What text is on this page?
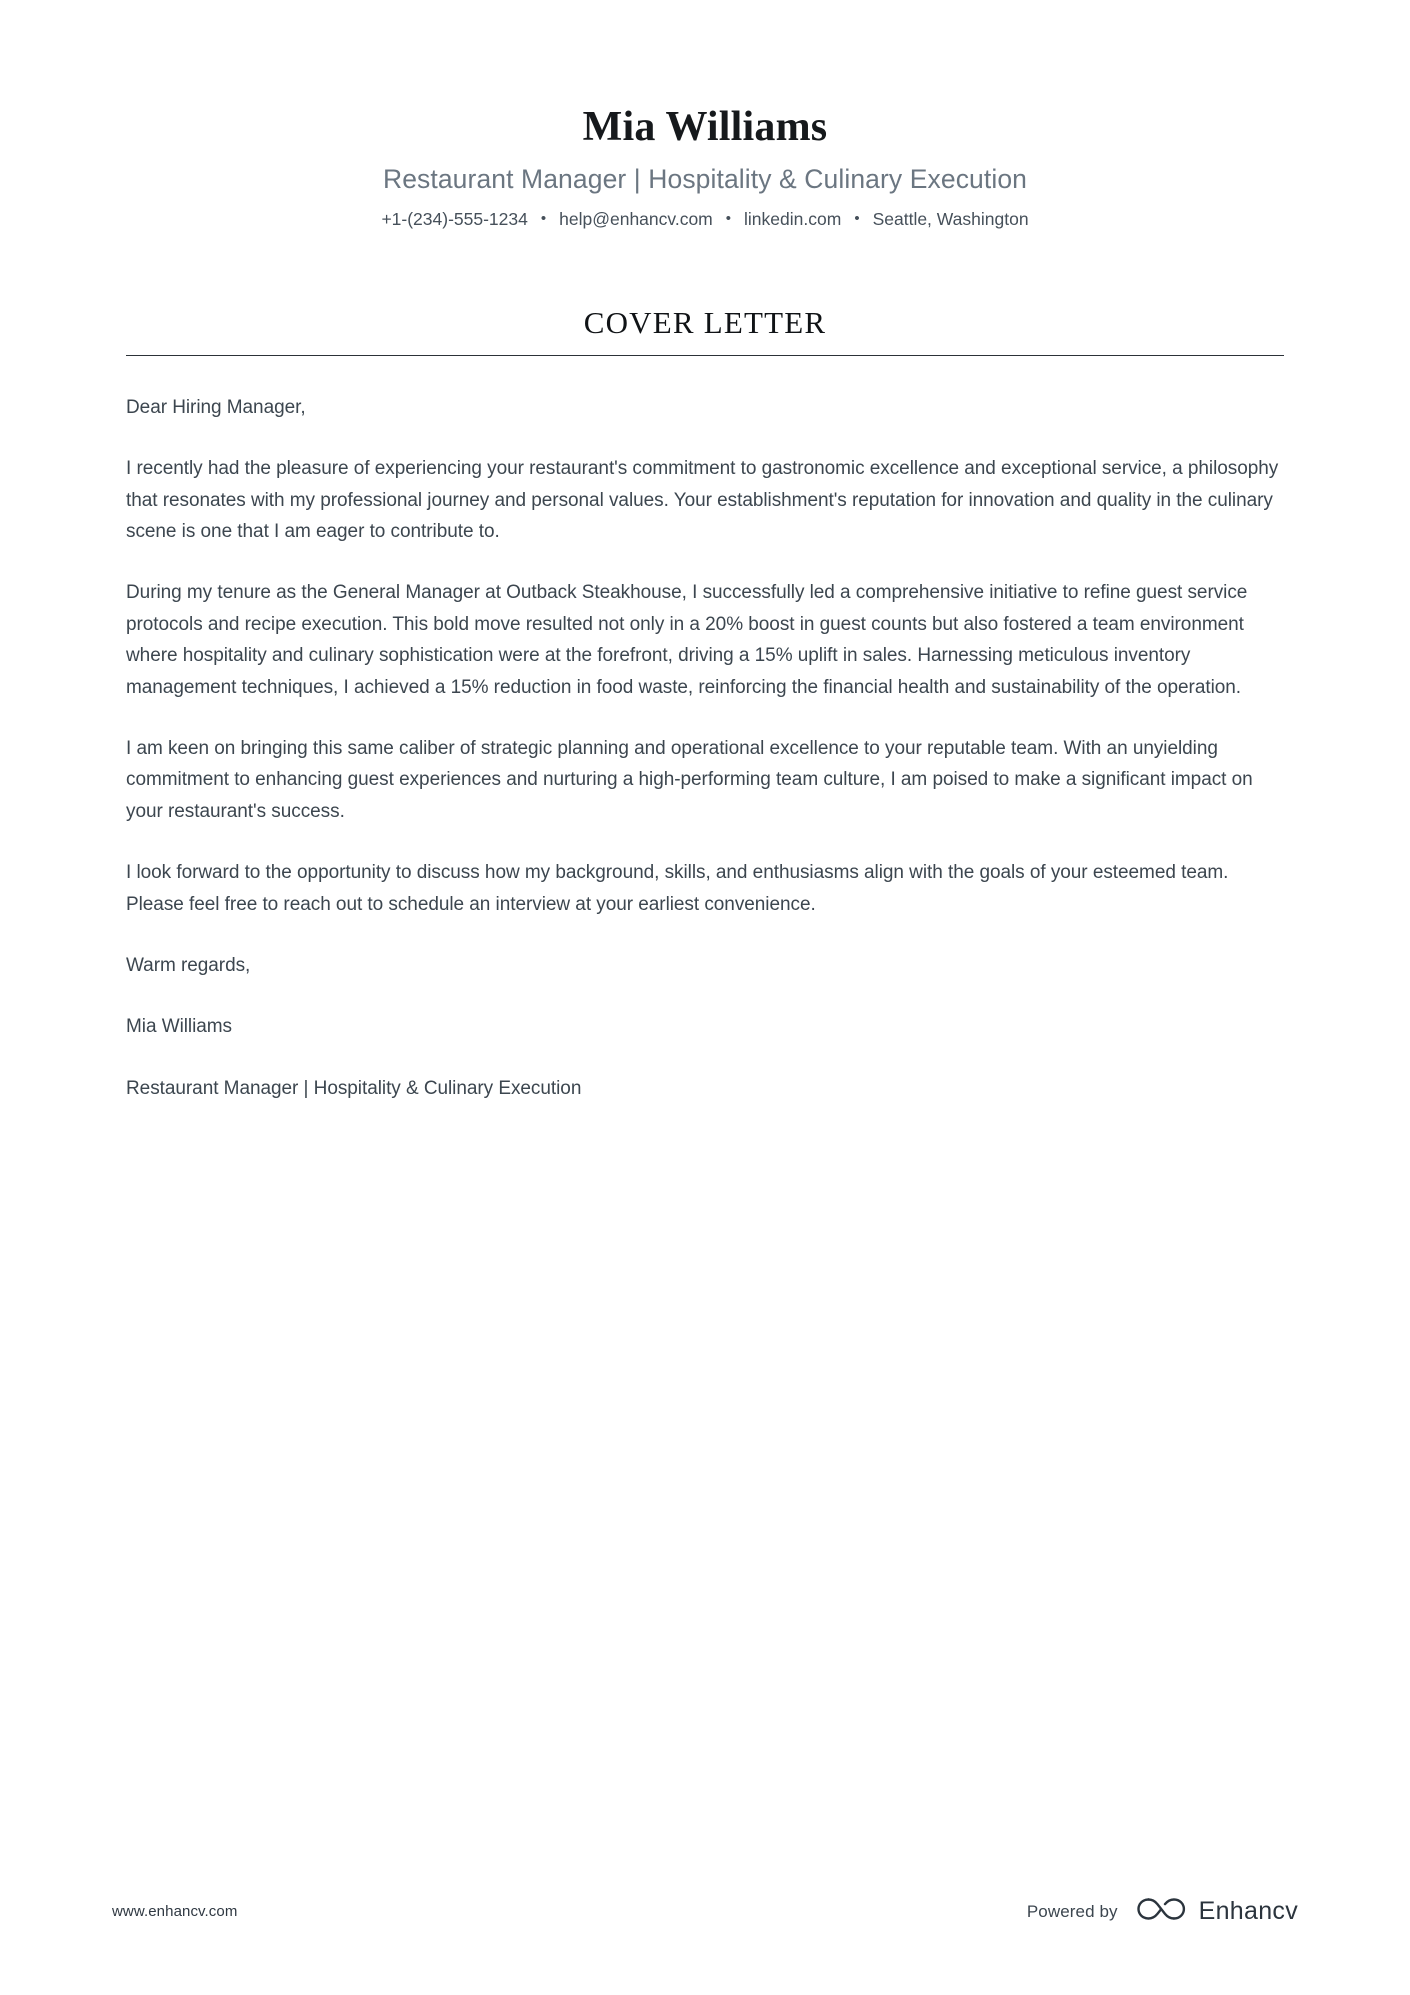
Mia Williams
Restaurant Manager | Hospitality & Culinary Execution
+1-(234)-555-1234 • help@enhancv.com • linkedin.com • Seattle, Washington
COVER LETTER

Dear Hiring Manager,

I recently had the pleasure of experiencing your restaurant's commitment to gastronomic excellence and exceptional service, a philosophy that resonates with my professional journey and personal values. Your establishment's reputation for innovation and quality in the culinary scene is one that I am eager to contribute to.

During my tenure as the General Manager at Outback Steakhouse, I successfully led a comprehensive initiative to refine guest service protocols and recipe execution. This bold move resulted not only in a 20% boost in guest counts but also fostered a team environment where hospitality and culinary sophistication were at the forefront, driving a 15% uplift in sales. Harnessing meticulous inventory management techniques, I achieved a 15% reduction in food waste, reinforcing the financial health and sustainability of the operation.

I am keen on bringing this same caliber of strategic planning and operational excellence to your reputable team. With an unyielding commitment to enhancing guest experiences and nurturing a high-performing team culture, I am poised to make a significant impact on your restaurant's success.

I look forward to the opportunity to discuss how my background, skills, and enthusiasms align with the goals of your esteemed team. Please feel free to reach out to schedule an interview at your earliest convenience.

Warm regards,

Mia Williams

Restaurant Manager | Hospitality & Culinary Execution

www.enhancv.com	Powered by	Enhancv
